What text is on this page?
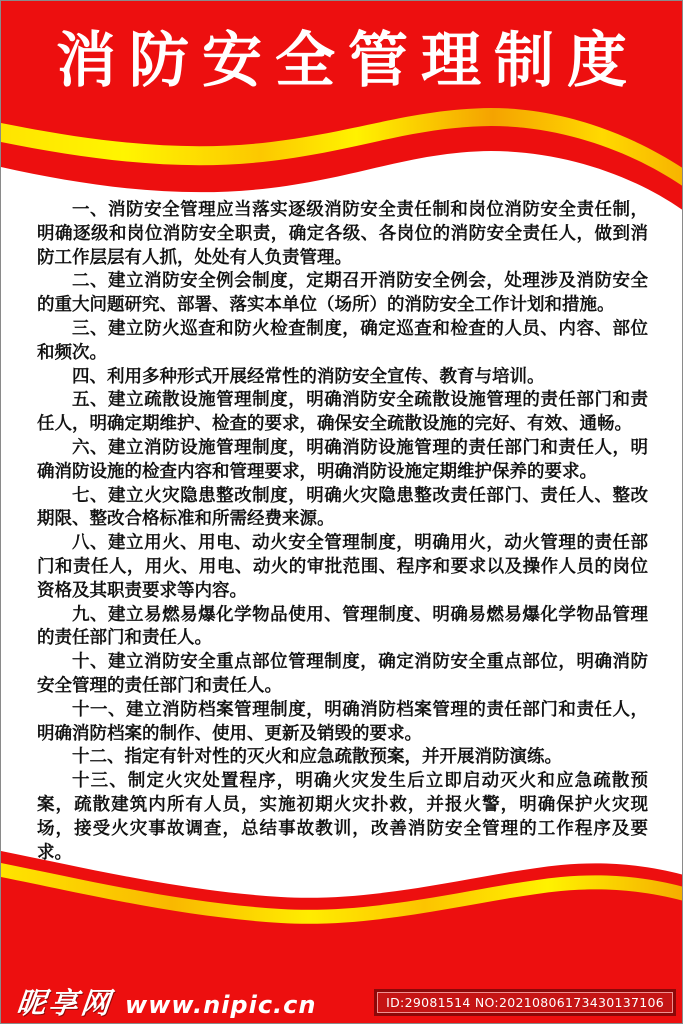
消防安全管理制度

一、消防安全管理应当落实逐级消防安全责任制和岗位消防安全责任制，明确逐级和岗位消防安全职责，确定各级、各岗位的消防安全责任人，做到消防工作层层有人抓，处处有人负责管理。

二、建立消防安全例会制度，定期召开消防安全例会，处理涉及消防安全的重大问题研究、部署、落实本单位（场所）的消防安全工作计划和措施。

三、建立防火巡查和防火检查制度，确定巡查和检查的人员、内容、部位和频次。

四、利用多种形式开展经常性的消防安全宣传、教育与培训。

五、建立疏散设施管理制度，明确消防安全疏散设施管理的责任部门和责任人，明确定期维护、检查的要求，确保安全疏散设施的完好、有效、通畅。

六、建立消防设施管理制度，明确消防设施管理的责任部门和责任人，明确消防设施的检查内容和管理要求，明确消防设施定期维护保养的要求。

七、建立火灾隐患整改制度，明确火灾隐患整改责任部门、责任人、整改期限、整改合格标准和所需经费来源。

八、建立用火、用电、动火安全管理制度，明确用火，动火管理的责任部门和责任人，用火、用电、动火的审批范围、程序和要求以及操作人员的岗位资格及其职责要求等内容。

九、建立易燃易爆化学物品使用、管理制度、明确易燃易爆化学物品管理的责任部门和责任人。

十、建立消防安全重点部位管理制度，确定消防安全重点部位，明确消防安全管理的责任部门和责任人。

十一、建立消防档案管理制度，明确消防档案管理的责任部门和责任人，明确消防档案的制作、使用、更新及销毁的要求。

十二、指定有针对性的灭火和应急疏散预案，并开展消防演练。

十三、制定火灾处置程序，明确火灾发生后立即启动灭火和应急疏散预案，疏散建筑内所有人员，实施初期火灾扑救，并报火警，明确保护火灾现场，接受火灾事故调查，总结事故教训，改善消防安全管理的工作程序及要求。

昵享网 www.nipic.cn	ID:29081514 NO:20210806173430137106
